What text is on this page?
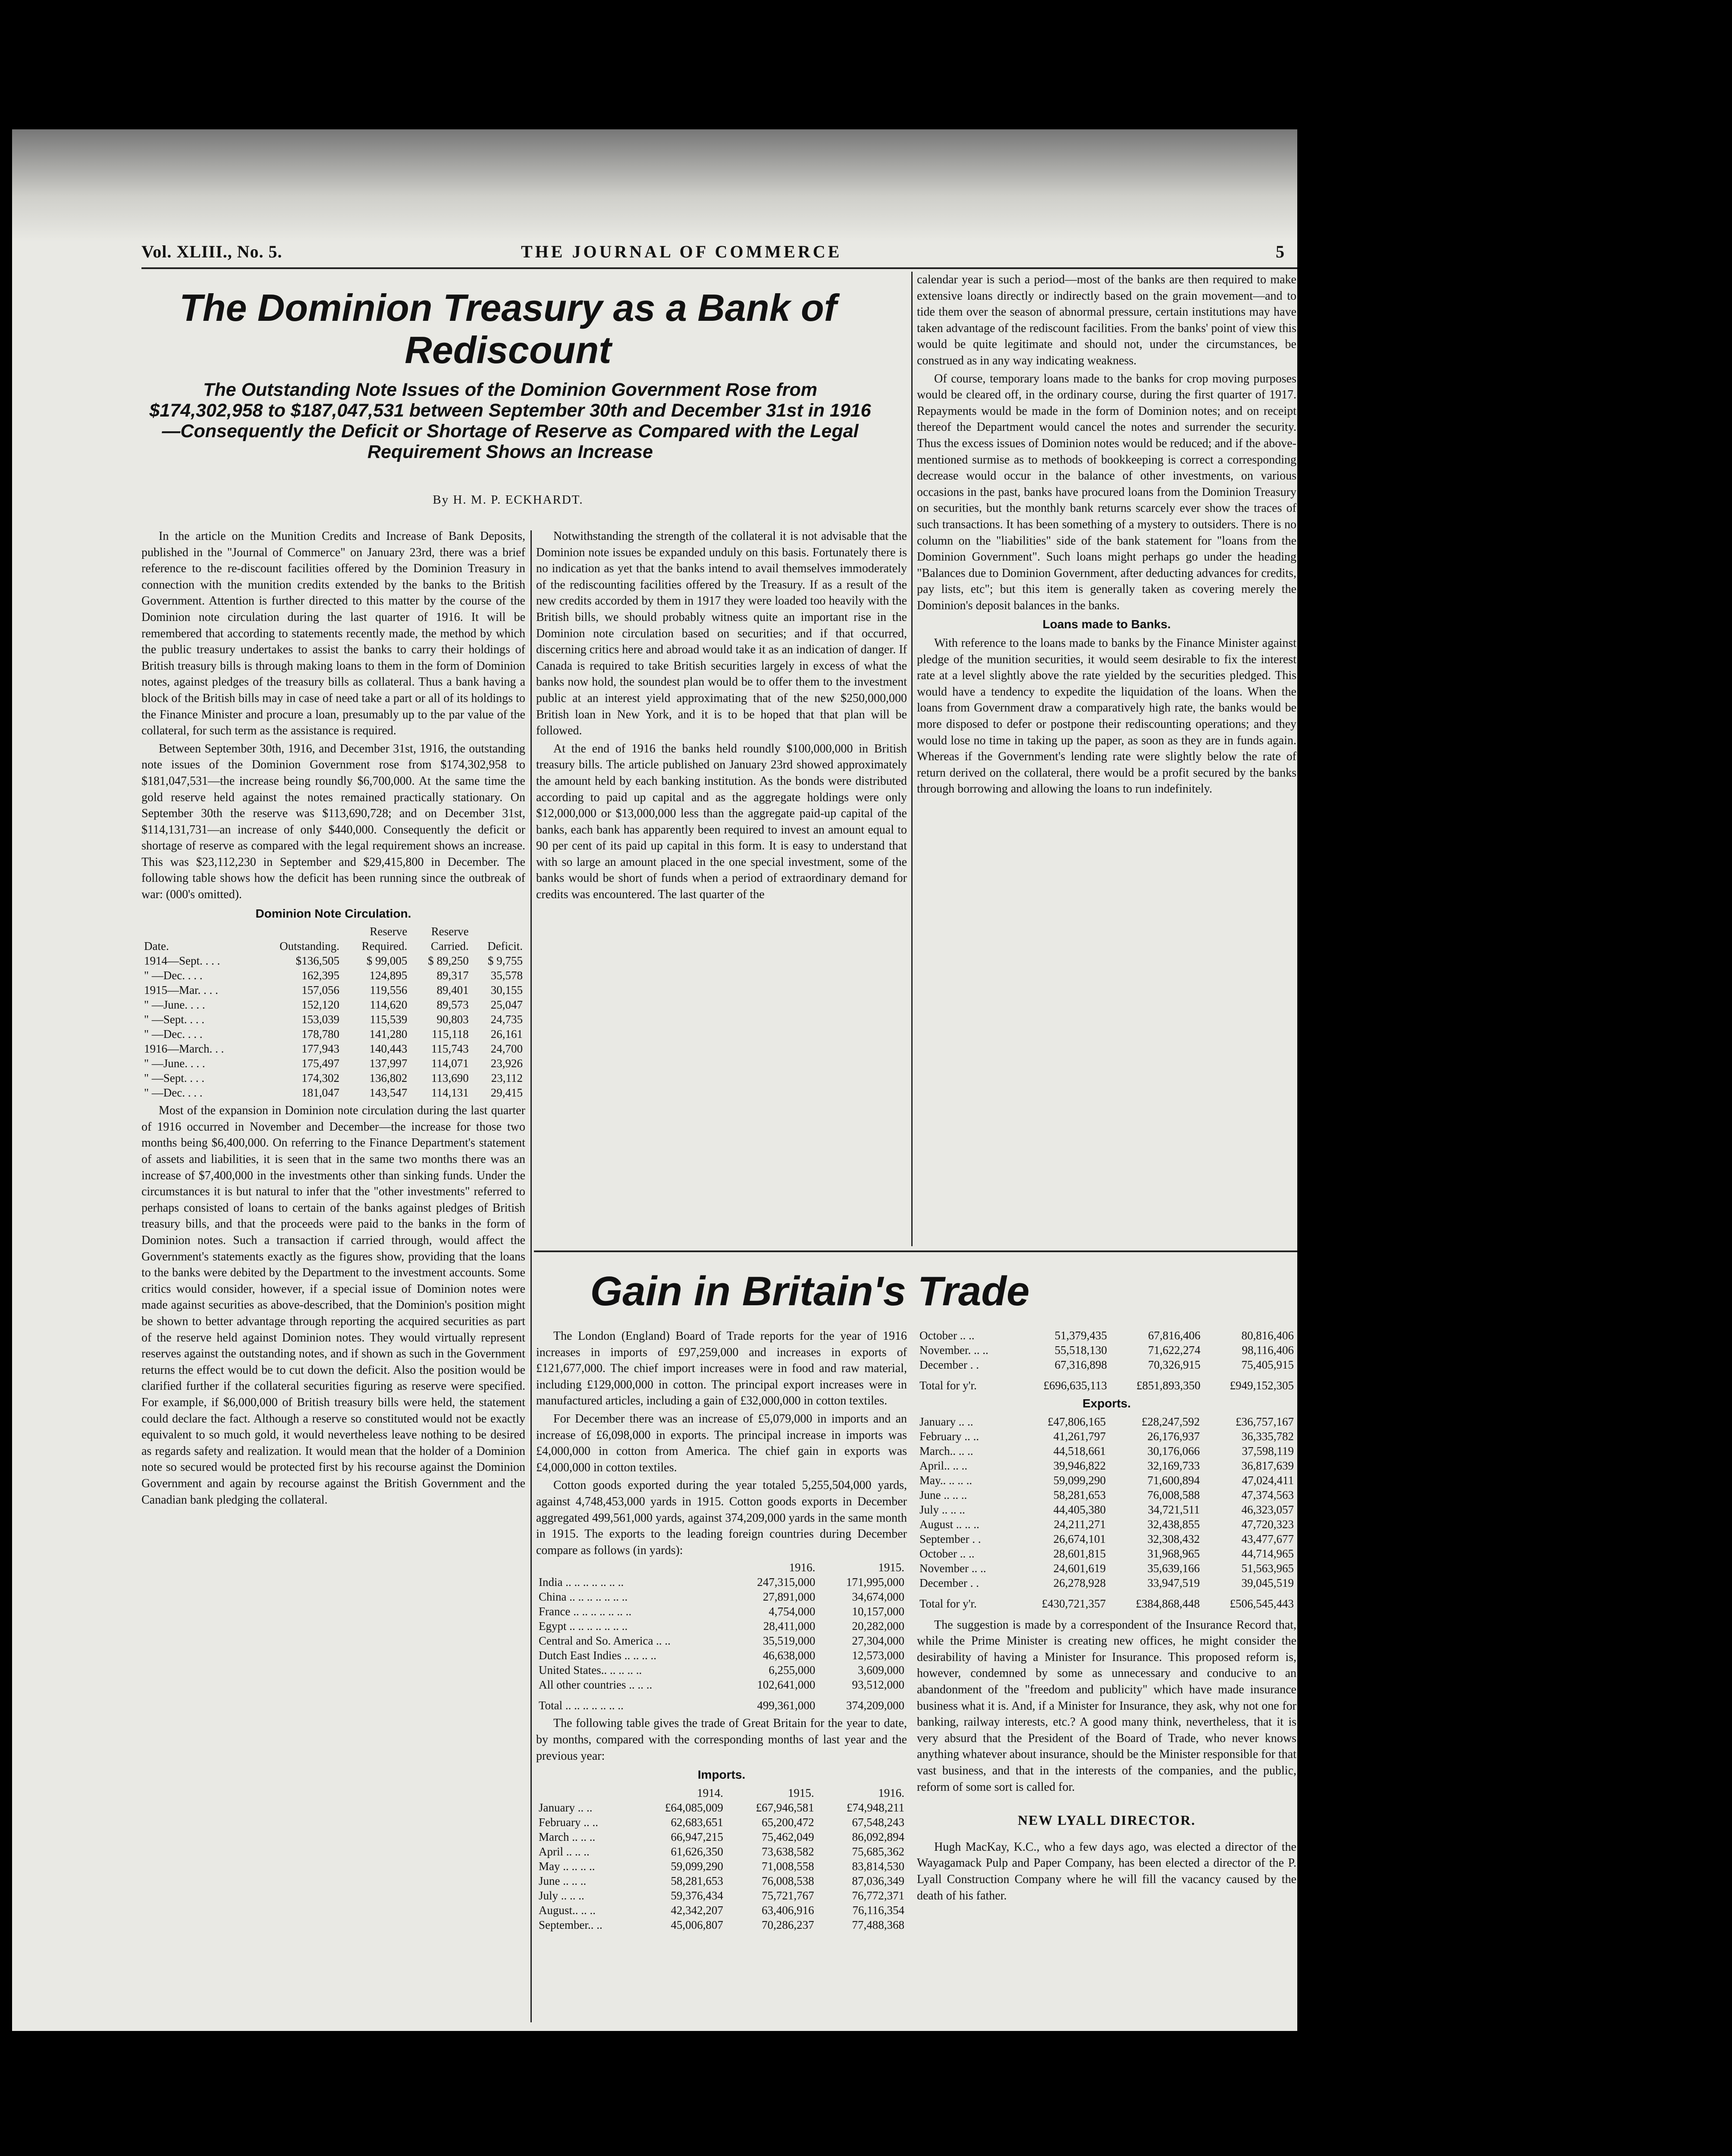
Vol. XLIII., No. 5.	THE JOURNAL OF COMMERCE	5
The Dominion Treasury as a Bank of Rediscount
The Outstanding Note Issues of the Dominion Government Rose from $174,302,958 to $187,047,531 between September 30th and December 31st in 1916—Consequently the Deficit or Shortage of Reserve as Compared with the Legal Requirement Shows an Increase
By H. M. P. ECKHARDT.

In the article on the Munition Credits and Increase of Bank Deposits, published in the "Journal of Commerce" on January 23rd, there was a brief reference to the re-discount facilities offered by the Dominion Treasury in connection with the munition credits extended by the banks to the British Government. Attention is further directed to this matter by the course of the Dominion note circulation during the last quarter of 1916. It will be remembered that according to statements recently made, the method by which the public treasury undertakes to assist the banks to carry their holdings of British treasury bills is through making loans to them in the form of Dominion notes, against pledges of the treasury bills as collateral. Thus a bank having a block of the British bills may in case of need take a part or all of its holdings to the Finance Minister and procure a loan, presumably up to the par value of the collateral, for such term as the assistance is required.

Between September 30th, 1916, and December 31st, 1916, the outstanding note issues of the Dominion Government rose from $174,302,958 to $181,047,531—the increase being roundly $6,700,000. At the same time the gold reserve held against the notes remained practically stationary. On September 30th the reserve was $113,690,728; and on December 31st, $114,131,731—an increase of only $440,000. Consequently the deficit or shortage of reserve as compared with the legal requirement shows an increase. This was $23,112,230 in September and $29,415,800 in December. The following table shows how the deficit has been running since the outbreak of war: (000's omitted).

Dominion Note Circulation.
		Reserve	Reserve	
Date.	Outstanding.	Required.	Carried.	Deficit.
1914—Sept. . . .	$136,505	$ 99,005	$ 89,250	$ 9,755
" —Dec. . . .	162,395	124,895	89,317	35,578
1915—Mar. . . .	157,056	119,556	89,401	30,155
" —June. . . .	152,120	114,620	89,573	25,047
" —Sept. . . .	153,039	115,539	90,803	24,735
" —Dec. . . .	178,780	141,280	115,118	26,161
1916—March. . .	177,943	140,443	115,743	24,700
" —June. . . .	175,497	137,997	114,071	23,926
" —Sept. . . .	174,302	136,802	113,690	23,112
" —Dec. . . .	181,047	143,547	114,131	29,415

Most of the expansion in Dominion note circulation during the last quarter of 1916 occurred in November and December—the increase for those two months being $6,400,000. On referring to the Finance Department's statement of assets and liabilities, it is seen that in the same two months there was an increase of $7,400,000 in the investments other than sinking funds. Under the circumstances it is but natural to infer that the "other investments" referred to perhaps consisted of loans to certain of the banks against pledges of British treasury bills, and that the proceeds were paid to the banks in the form of Dominion notes. Such a transaction if carried through, would affect the Government's statements exactly as the figures show, providing that the loans to the banks were debited by the Department to the investment accounts. Some critics would consider, however, if a special issue of Dominion notes were made against securities as above-described, that the Dominion's position might be shown to better advantage through reporting the acquired securities as part of the reserve held against Dominion notes. They would virtually represent reserves against the outstanding notes, and if shown as such in the Government returns the effect would be to cut down the deficit. Also the position would be clarified further if the collateral securities figuring as reserve were specified. For example, if $6,000,000 of British treasury bills were held, the statement could declare the fact. Although a reserve so constituted would not be exactly equivalent to so much gold, it would nevertheless leave nothing to be desired as regards safety and realization. It would mean that the holder of a Dominion note so secured would be protected first by his recourse against the Dominion Government and again by recourse against the British Government and the Canadian bank pledging the collateral.

Notwithstanding the strength of the collateral it is not advisable that the Dominion note issues be expanded unduly on this basis. Fortunately there is no indication as yet that the banks intend to avail themselves immoderately of the rediscounting facilities offered by the Treasury. If as a result of the new credits accorded by them in 1917 they were loaded too heavily with the British bills, we should probably witness quite an important rise in the Dominion note circulation based on securities; and if that occurred, discerning critics here and abroad would take it as an indication of danger. If Canada is required to take British securities largely in excess of what the banks now hold, the soundest plan would be to offer them to the investment public at an interest yield approximating that of the new $250,000,000 British loan in New York, and it is to be hoped that that plan will be followed.

At the end of 1916 the banks held roundly $100,000,000 in British treasury bills. The article published on January 23rd showed approximately the amount held by each banking institution. As the bonds were distributed according to paid up capital and as the aggregate holdings were only $12,000,000 or $13,000,000 less than the aggregate paid-up capital of the banks, each bank has apparently been required to invest an amount equal to 90 per cent of its paid up capital in this form. It is easy to understand that with so large an amount placed in the one special investment, some of the banks would be short of funds when a period of extraordinary demand for credits was encountered. The last quarter of the

calendar year is such a period—most of the banks are then required to make extensive loans directly or indirectly based on the grain movement—and to tide them over the season of abnormal pressure, certain institutions may have taken advantage of the rediscount facilities. From the banks' point of view this would be quite legitimate and should not, under the circumstances, be construed as in any way indicating weakness.

Of course, temporary loans made to the banks for crop moving purposes would be cleared off, in the ordinary course, during the first quarter of 1917. Repayments would be made in the form of Dominion notes; and on receipt thereof the Department would cancel the notes and surrender the security. Thus the excess issues of Dominion notes would be reduced; and if the above-mentioned surmise as to methods of bookkeeping is correct a corresponding decrease would occur in the balance of other investments, on various occasions in the past, banks have procured loans from the Dominion Treasury on securities, but the monthly bank returns scarcely ever show the traces of such transactions. It has been something of a mystery to outsiders. There is no column on the "liabilities" side of the bank statement for "loans from the Dominion Government". Such loans might perhaps go under the heading "Balances due to Dominion Government, after deducting advances for credits, pay lists, etc"; but this item is generally taken as covering merely the Dominion's deposit balances in the banks.

Loans made to Banks.

With reference to the loans made to banks by the Finance Minister against pledge of the munition securities, it would seem desirable to fix the interest rate at a level slightly above the rate yielded by the securities pledged. This would have a tendency to expedite the liquidation of the loans. When the loans from Government draw a comparatively high rate, the banks would be more disposed to defer or postpone their rediscounting operations; and they would lose no time in taking up the paper, as soon as they are in funds again. Whereas if the Government's lending rate were slightly below the rate of return derived on the collateral, there would be a profit secured by the banks through borrowing and allowing the loans to run indefinitely.

Gain in Britain's Trade

The London (England) Board of Trade reports for the year of 1916 increases in imports of £97,259,000 and increases in exports of £121,677,000. The chief import increases were in food and raw material, including £129,000,000 in cotton. The principal export increases were in manufactured articles, including a gain of £32,000,000 in cotton textiles.

For December there was an increase of £5,079,000 in imports and an increase of £6,098,000 in exports. The principal increase in imports was £4,000,000 in cotton from America. The chief gain in exports was £4,000,000 in cotton textiles.

Cotton goods exported during the year totaled 5,255,504,000 yards, against 4,748,453,000 yards in 1915. Cotton goods exports in December aggregated 499,561,000 yards, against 374,209,000 yards in the same month in 1915. The exports to the leading foreign countries during December compare as follows (in yards):

	1916.	1915.
India .. .. .. .. .. .. ..	247,315,000	171,995,000
China .. .. .. .. .. .. ..	27,891,000	34,674,000
France .. .. .. .. .. .. ..	4,754,000	10,157,000
Egypt .. .. .. .. .. .. ..	28,411,000	20,282,000
Central and So. America .. ..	35,519,000	27,304,000
Dutch East Indies .. .. .. ..	46,638,000	12,573,000
United States.. .. .. .. ..	6,255,000	3,609,000
All other countries .. .. ..	102,641,000	93,512,000
Total .. .. .. .. .. .. ..	499,361,000	374,209,000

The following table gives the trade of Great Britain for the year to date, by months, compared with the corresponding months of last year and the previous year:

Imports.
	1914.	1915.	1916.
January .. ..	£64,085,009	£67,946,581	£74,948,211
February .. ..	62,683,651	65,200,472	67,548,243
March .. .. ..	66,947,215	75,462,049	86,092,894
April .. .. ..	61,626,350	73,638,582	75,685,362
May .. .. .. ..	59,099,290	71,008,558	83,814,530
June .. .. ..	58,281,653	76,008,538	87,036,349
July .. .. ..	59,376,434	75,721,767	76,772,371
August.. .. ..	42,342,207	63,406,916	76,116,354
September.. ..	45,006,807	70,286,237	77,488,368
October .. ..	51,379,435	67,816,406	80,816,406
November. .. ..	55,518,130	71,622,274	98,116,406
December . .	67,316,898	70,326,915	75,405,915
Total for y'r.	£696,635,113	£851,893,350	£949,152,305
Exports.
January .. ..	£47,806,165	£28,247,592	£36,757,167
February .. ..	41,261,797	26,176,937	36,335,782
March.. .. ..	44,518,661	30,176,066	37,598,119
April.. .. ..	39,946,822	32,169,733	36,817,639
May.. .. .. ..	59,099,290	71,600,894	47,024,411
June .. .. ..	58,281,653	76,008,588	47,374,563
July .. .. ..	44,405,380	34,721,511	46,323,057
August .. .. ..	24,211,271	32,438,855	47,720,323
September . .	26,674,101	32,308,432	43,477,677
October .. ..	28,601,815	31,968,965	44,714,965
November .. ..	24,601,619	35,639,166	51,563,965
December . .	26,278,928	33,947,519	39,045,519
Total for y'r.	£430,721,357	£384,868,448	£506,545,443

The suggestion is made by a correspondent of the Insurance Record that, while the Prime Minister is creating new offices, he might consider the desirability of having a Minister for Insurance. This proposed reform is, however, condemned by some as unnecessary and conducive to an abandonment of the "freedom and publicity" which have made insurance business what it is. And, if a Minister for Insurance, they ask, why not one for banking, railway interests, etc.? A good many think, nevertheless, that it is very absurd that the President of the Board of Trade, who never knows anything whatever about insurance, should be the Minister responsible for that vast business, and that in the interests of the companies, and the public, reform of some sort is called for.

NEW LYALL DIRECTOR.

Hugh MacKay, K.C., who a few days ago, was elected a director of the Wayagamack Pulp and Paper Company, has been elected a director of the P. Lyall Construction Company where he will fill the vacancy caused by the death of his father.
